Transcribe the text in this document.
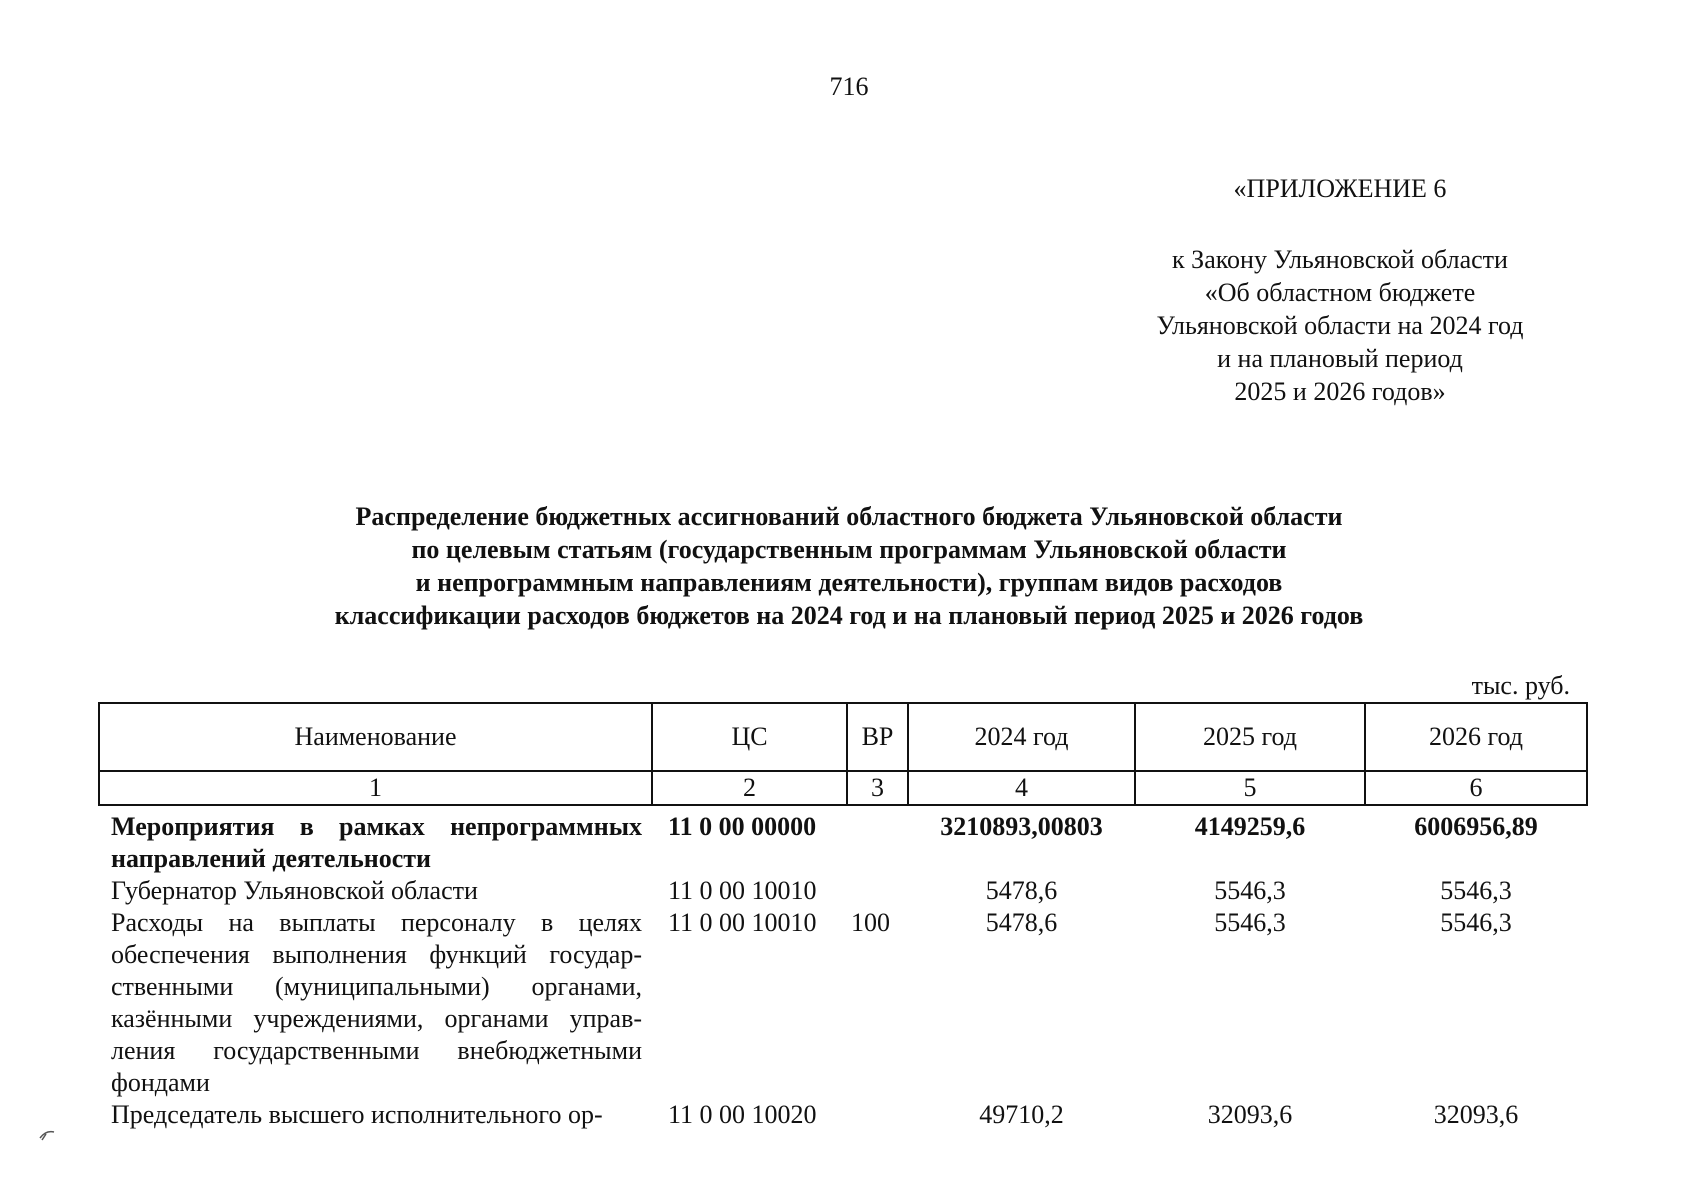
716
«ПРИЛОЖЕНИЕ 6
к Закону Ульяновской области
«Об областном бюджете
Ульяновской области на 2024 год
и на плановый период
2025 и 2026 годов»
Распределение бюджетных ассигнований областного бюджета Ульяновской области
по целевым статьям (государственным программам Ульяновской области
и непрограммным направлениям деятельности), группам видов расходов
классификации расходов бюджетов на 2024 год и на плановый период 2025 и 2026 годов
тыс. руб.
Наименование	ЦС	ВР	2024 год	2025 год	2026 год
1	2	3	4	5	6
Мероприятия в рамках непрограммных направлений деятельности	11 0 00 00000		3210893,00803	4149259,6	6006956,89
Губернатор Ульяновской области	11 0 00 10010		5478,6	5546,3	5546,3
Расходы на выплаты персоналу в целях обеспечения выполнения функций государ-ственными (муниципальными) органами, казёнными учреждениями, органами управ-ления государственными внебюджетными фондами	11 0 00 10010	100	5478,6	5546,3	5546,3
Председатель высшего исполнительного ор-	11 0 00 10020		49710,2	32093,6	32093,6
